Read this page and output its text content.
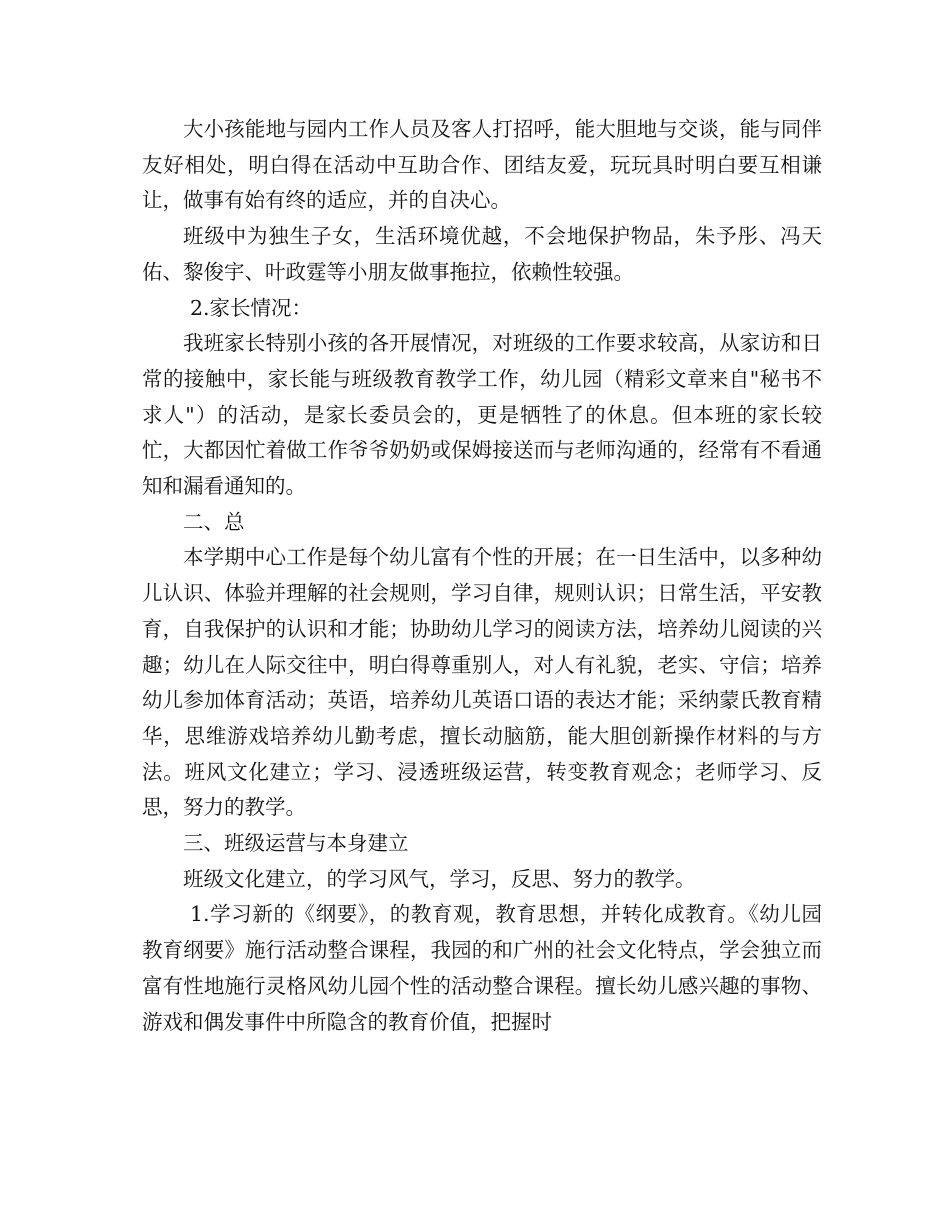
大小孩能地与园内工作人员及客人打招呼，能大胆地与交谈，能与同伴友好相处，明白得在活动中互助合作、团结友爱，玩玩具时明白要互相谦让，做事有始有终的适应，并的自决心。

班级中为独生子女，生活环境优越，不会地保护物品，朱予彤、冯天佑、黎俊宇、叶政霆等小朋友做事拖拉，依赖性较强。

2.家长情况：

我班家长特别小孩的各开展情况，对班级的工作要求较高，从家访和日常的接触中，家长能与班级教育教学工作，幼儿园（精彩文章来自"秘书不求人"）的活动，是家长委员会的，更是牺牲了的休息。但本班的家长较忙，大都因忙着做工作爷爷奶奶或保姆接送而与老师沟通的，经常有不看通知和漏看通知的。

二、总

本学期中心工作是每个幼儿富有个性的开展；在一日生活中，以多种幼儿认识、体验并理解的社会规则，学习自律，规则认识；日常生活，平安教育，自我保护的认识和才能；协助幼儿学习的阅读方法，培养幼儿阅读的兴趣；幼儿在人际交往中，明白得尊重别人，对人有礼貌，老实、守信；培养幼儿参加体育活动；英语，培养幼儿英语口语的表达才能；采纳蒙氏教育精华，思维游戏培养幼儿勤考虑，擅长动脑筋，能大胆创新操作材料的与方法。班风文化建立；学习、浸透班级运营，转变教育观念；老师学习、反思，努力的教学。

三、班级运营与本身建立

班级文化建立，的学习风气，学习，反思、努力的教学。

1.学习新的《纲要》，的教育观，教育思想，并转化成教育。《幼儿园教育纲要》施行活动整合课程，我园的和广州的社会文化特点，学会独立而富有性地施行灵格风幼儿园个性的活动整合课程。擅长幼儿感兴趣的事物、游戏和偶发事件中所隐含的教育价值，把握时
